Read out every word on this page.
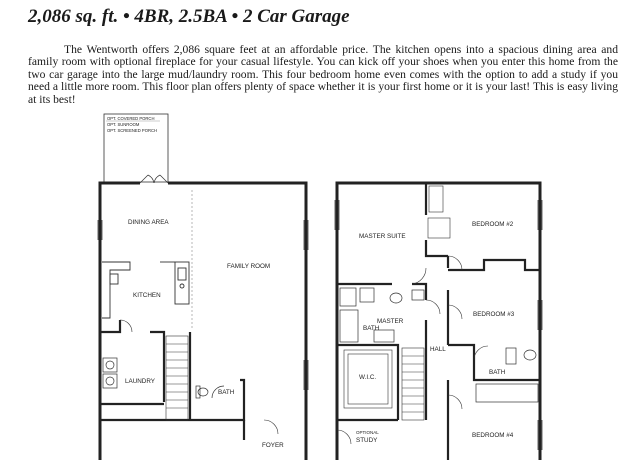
2,086 sq. ft. • 4BR, 2.5BA • 2 Car Garage

The Wentworth offers 2,086 square feet at an affordable price. The kitchen opens into a spacious dining area and family room with optional fireplace for your casual lifestyle. You can kick off your shoes when you enter this home from the two car garage into the large mud/laundry room. This four bedroom home even comes with the option to add a study if you need a little more room. This floor plan offers plenty of space whether it is your first home or it is your last! This is easy living at its best!

OPT. COVERED PORCH
OPT. SUNROOM
OPT. SCREENED PORCH
DINING AREA
FAMILY ROOM
KITCHEN
LAUNDRY
BATH
FOYER
MASTER SUITE
BEDROOM #2
BEDROOM #3
BEDROOM #4
MASTER
BATH
W.I.C.
HALL
BATH
OPTIONAL
STUDY
